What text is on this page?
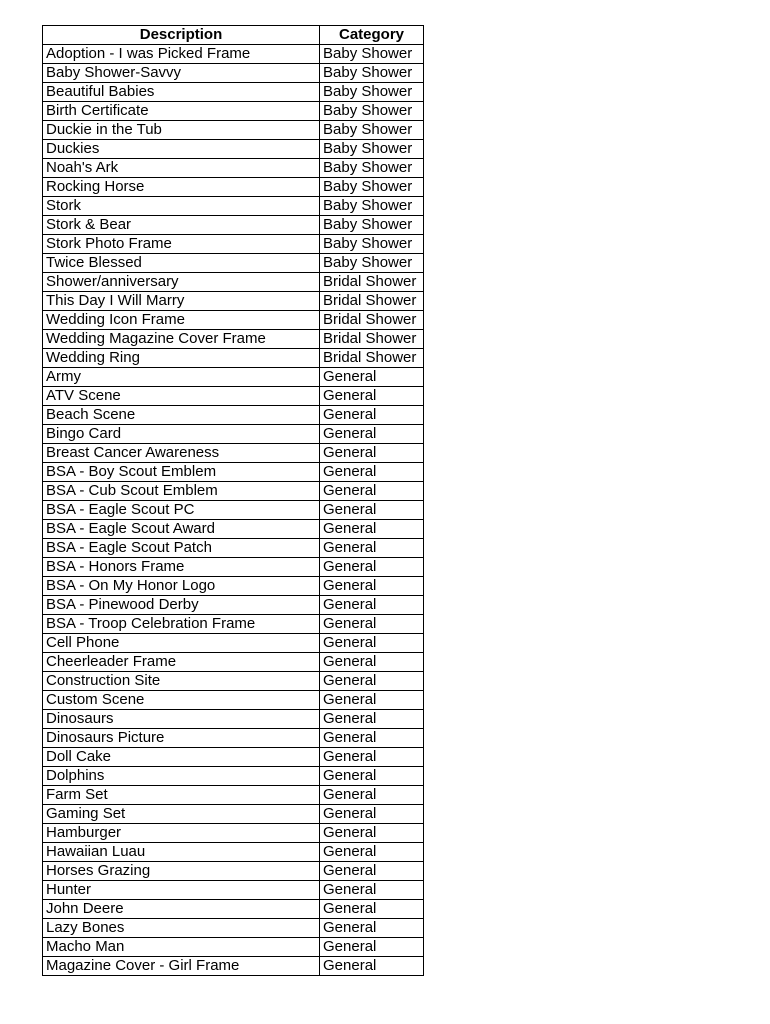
Description	Category
Adoption - I was Picked Frame	Baby Shower
Baby Shower-Savvy	Baby Shower
Beautiful Babies	Baby Shower
Birth Certificate	Baby Shower
Duckie in the Tub	Baby Shower
Duckies	Baby Shower
Noah's Ark	Baby Shower
Rocking Horse	Baby Shower
Stork	Baby Shower
Stork & Bear	Baby Shower
Stork Photo Frame	Baby Shower
Twice Blessed	Baby Shower
Shower/anniversary	Bridal Shower
This Day I Will Marry	Bridal Shower
Wedding Icon Frame	Bridal Shower
Wedding Magazine Cover Frame	Bridal Shower
Wedding Ring	Bridal Shower
Army	General
ATV Scene	General
Beach Scene	General
Bingo Card	General
Breast Cancer Awareness	General
BSA - Boy Scout Emblem	General
BSA - Cub Scout Emblem	General
BSA - Eagle Scout PC	General
BSA - Eagle Scout Award	General
BSA - Eagle Scout Patch	General
BSA - Honors Frame	General
BSA - On My Honor Logo	General
BSA - Pinewood Derby	General
BSA - Troop Celebration Frame	General
Cell Phone	General
Cheerleader Frame	General
Construction Site	General
Custom Scene	General
Dinosaurs	General
Dinosaurs Picture	General
Doll Cake	General
Dolphins	General
Farm Set	General
Gaming Set	General
Hamburger	General
Hawaiian Luau	General
Horses Grazing	General
Hunter	General
John Deere	General
Lazy Bones	General
Macho Man	General
Magazine Cover - Girl Frame	General
